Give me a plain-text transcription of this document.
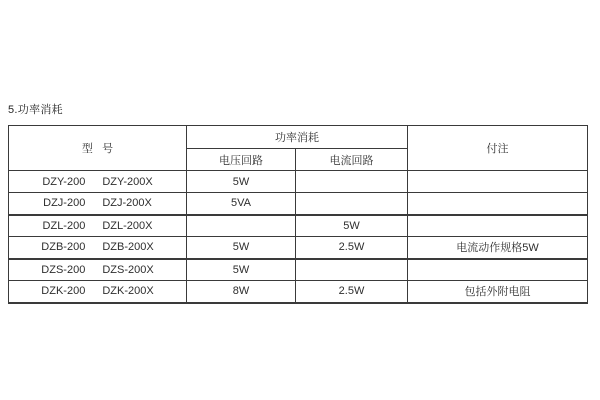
5.功率消耗
型   号	功率消耗		付注
	电压回路	电流回路	

DZY-200 DZY-200X	5W		

DZJ-200 DZJ-200X	5VA		

DZL-200 DZL-200X		5W	

DZB-200 DZB-200X	5W	2.5W	电流动作规格5W

DZS-200 DZS-200X	5W		

DZK-200 DZK-200X	8W	2.5W	包括外附电阻
